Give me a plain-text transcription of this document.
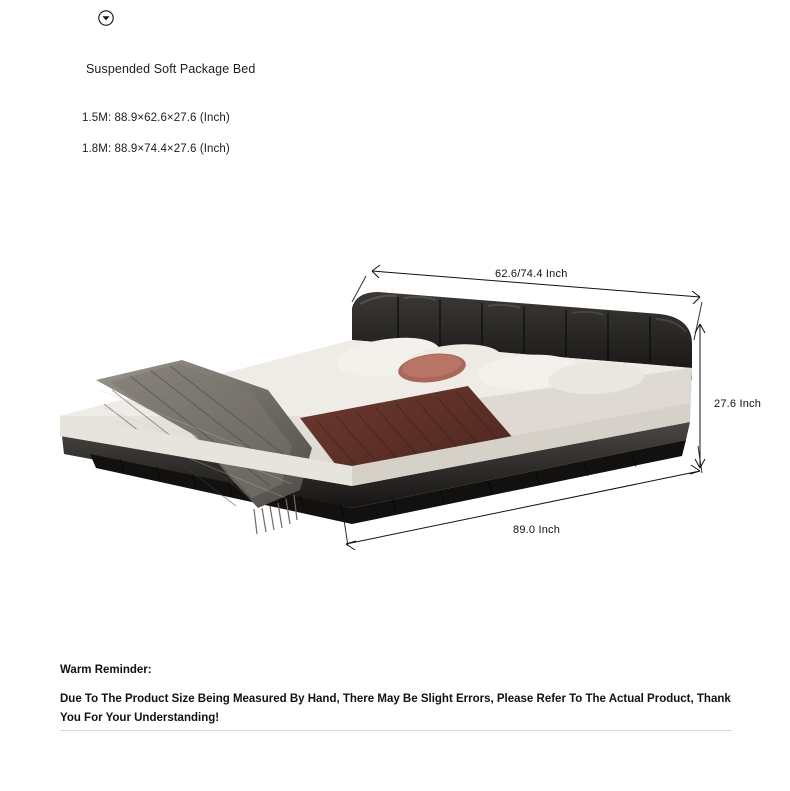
Suspended Soft Package Bed
1.5M: 88.9×62.6×27.6 (Inch)
1.8M: 88.9×74.4×27.6 (Inch)
62.6/74.4 Inch
27.6 Inch
89.0 Inch
Warm Reminder:
Due To The Product Size Being Measured By Hand, There May Be Slight Errors, Please Refer To The Actual Product, Thank You For Your Understanding!
